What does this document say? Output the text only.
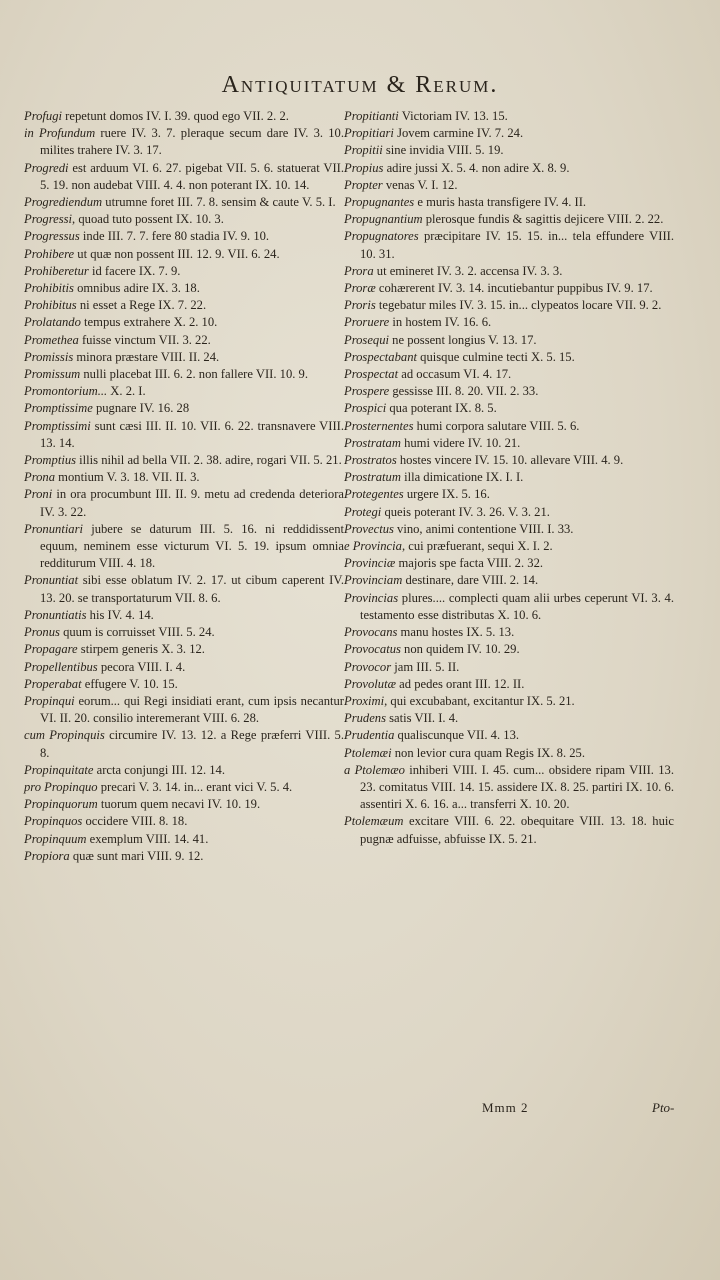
Antiquitatum & Rerum.

Profugi repetunt domos IV. I. 39. quod ego VII. 2. 2.

in Profundum ruere IV. 3. 7. pleraque secum dare IV. 3. 10. milites trahere IV. 3. 17.

Progredi est arduum VI. 6. 27. pigebat VII. 5. 6. statuerat VII. 5. 19. non audebat VIII. 4. 4. non poterant IX. 10. 14.

Progrediendum utrumne foret III. 7. 8. sensim & caute V. 5. I.

Progressi, quoad tuto possent IX. 10. 3.

Progressus inde III. 7. 7. fere 80 stadia IV. 9. 10.

Prohibere ut quæ non possent III. 12. 9. VII. 6. 24.

Prohiberetur id facere IX. 7. 9.

Prohibitis omnibus adire IX. 3. 18.

Prohibitus ni esset a Rege IX. 7. 22.

Prolatando tempus extrahere X. 2. 10.

Promethea fuisse vinctum VII. 3. 22.

Promissis minora præstare VIII. II. 24.

Promissum nulli placebat III. 6. 2. non fallere VII. 10. 9.

Promontorium... X. 2. I.

Promptissime pugnare IV. 16. 28

Promptissimi sunt cæsi III. II. 10. VII. 6. 22. transnavere VIII. 13. 14.

Promptius illis nihil ad bella VII. 2. 38. adire, rogari VII. 5. 21.

Prona montium V. 3. 18. VII. II. 3.

Proni in ora procumbunt III. II. 9. metu ad credenda deteriora IV. 3. 22.

Pronuntiari jubere se daturum III. 5. 16. ni reddidissent equum, neminem esse victurum VI. 5. 19. ipsum omnia redditurum VIII. 4. 18.

Pronuntiat sibi esse oblatum IV. 2. 17. ut cibum caperent IV. 13. 20. se transportaturum VII. 8. 6.

Pronuntiatis his IV. 4. 14.

Pronus quum is corruisset VIII. 5. 24.

Propagare stirpem generis X. 3. 12.

Propellentibus pecora VIII. I. 4.

Properabat effugere V. 10. 15.

Propinqui eorum... qui Regi insidiati erant, cum ipsis necantur VI. II. 20. consilio interemerant VIII. 6. 28.

cum Propinquis circumire IV. 13. 12. a Rege præferri VIII. 5. 8.

Propinquitate arcta conjungi III. 12. 14.

pro Propinquo precari V. 3. 14. in... erant vici V. 5. 4.

Propinquorum tuorum quem necavi IV. 10. 19.

Propinquos occidere VIII. 8. 18.

Propinquum exemplum VIII. 14. 41.

Propiora quæ sunt mari VIII. 9. 12.

Propitianti Victoriam IV. 13. 15.

Propitiari Jovem carmine IV. 7. 24.

Propitii sine invidia VIII. 5. 19.

Propius adire jussi X. 5. 4. non adire X. 8. 9.

Propter venas V. I. 12.

Propugnantes e muris hasta transfigere IV. 4. II.

Propugnantium plerosque fundis & sagittis dejicere VIII. 2. 22.

Propugnatores præcipitare IV. 15. 15. in... tela effundere VIII. 10. 31.

Prora ut emineret IV. 3. 2. accensa IV. 3. 3.

Proræ cohærerent IV. 3. 14. incutiebantur puppibus IV. 9. 17.

Proris tegebatur miles IV. 3. 15. in... clypeatos locare VII. 9. 2.

Proruere in hostem IV. 16. 6.

Prosequi ne possent longius V. 13. 17.

Prospectabant quisque culmine tecti X. 5. 15.

Prospectat ad occasum VI. 4. 17.

Prospere gessisse III. 8. 20. VII. 2. 33.

Prospici qua poterant IX. 8. 5.

Prosternentes humi corpora salutare VIII. 5. 6.

Prostratam humi videre IV. 10. 21.

Prostratos hostes vincere IV. 15. 10. allevare VIII. 4. 9.

Prostratum illa dimicatione IX. I. I.

Protegentes urgere IX. 5. 16.

Protegi queis poterant IV. 3. 26. V. 3. 21.

Provectus vino, animi contentione VIII. I. 33.

e Provincia, cui præfuerant, sequi X. I. 2.

Provinciæ majoris spe facta VIII. 2. 32.

Provinciam destinare, dare VIII. 2. 14.

Provincias plures.... complecti quam alii urbes ceperunt VI. 3. 4. testamento esse distributas X. 10. 6.

Provocans manu hostes IX. 5. 13.

Provocatus non quidem IV. 10. 29.

Provocor jam III. 5. II.

Provolutæ ad pedes orant III. 12. II.

Proximi, qui excubabant, excitantur IX. 5. 21.

Prudens satis VII. I. 4.

Prudentia qualiscunque VII. 4. 13.

Ptolemæi non levior cura quam Regis IX. 8. 25.

a Ptolemæo inhiberi VIII. I. 45. cum... obsidere ripam VIII. 13. 23. comitatus VIII. 14. 15. assidere IX. 8. 25. partiri IX. 10. 6. assentiri X. 6. 16. a... transferri X. 10. 20.

Ptolemæum excitare VIII. 6. 22. obequitare VIII. 13. 18. huic pugnæ adfuisse, abfuisse IX. 5. 21.

Mmm 2	Pto-
